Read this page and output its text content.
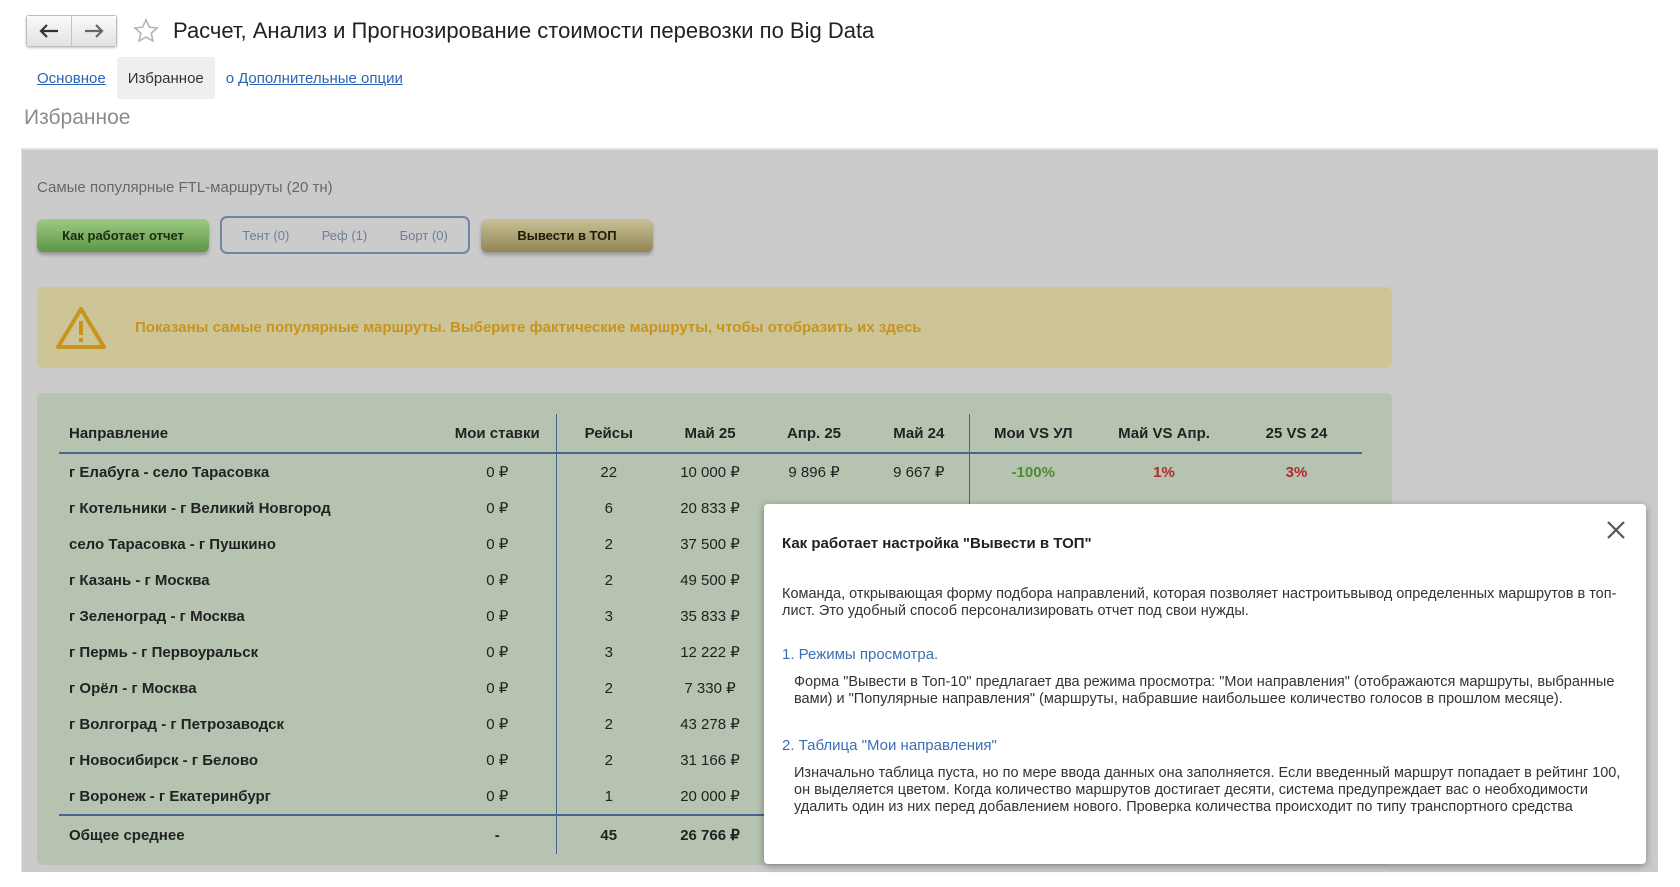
Расчет, Анализ и Прогнозирование стоимости перевозки по Big Data
Основное Избранное o Дополнительные опции
Избранное
Самые популярные FTL-маршруты (20 тн)
Как работает отчет	Тент (0) Реф (1) Борт (0)	Вывести в ТОП
Показаны самые популярные маршруты. Выберите фактические маршруты, чтобы отобразить их здесь
Направление	Мои ставки	Рейсы	Май 25	Апр. 25	Май 24	Мои VS УЛ	Май VS Апр.	25 VS 24
г Елабуга - село Тарасовка	0 ₽	22	10 000 ₽	9 896 ₽	9 667 ₽	-100%	1%	3%
г Котельники - г Великий Новгород	0 ₽	6	20 833 ₽					
село Тарасовка - г Пушкино	0 ₽	2	37 500 ₽					
г Казань - г Москва	0 ₽	2	49 500 ₽					
г Зеленоград - г Москва	0 ₽	3	35 833 ₽					
г Пермь - г Первоуральск	0 ₽	3	12 222 ₽					
г Орёл - г Москва	0 ₽	2	7 330 ₽					
г Волгоград - г Петрозаводск	0 ₽	2	43 278 ₽					
г Новосибирск - г Белово	0 ₽	2	31 166 ₽					
г Воронеж - г Екатеринбург	0 ₽	1	20 000 ₽					
Общее среднее	-	45	26 766 ₽					
Как работает настройка "Вывести в ТОП"
Команда, открывающая форму подбора направлений, которая позволяет настроитьвывод определенных маршрутов в топ-лист. Это удобный способ персонализировать отчет под свои нужды.
1. Режимы просмотра.
Форма "Вывести в Топ-10" предлагает два режима просмотра: "Мои направления" (отображаются маршруты, выбранные вами) и "Популярные направления" (маршруты, набравшие наибольшее количество голосов в прошлом месяце).
2. Таблица "Мои направления"
Изначально таблица пуста, но по мере ввода данных она заполняется. Если введенный маршрут попадает в рейтинг 100, он выделяется цветом. Когда количество маршрутов достигает десяти, система предупреждает вас о необходимости удалить один из них перед добавлением нового. Проверка количества происходит по типу транспортного средства
